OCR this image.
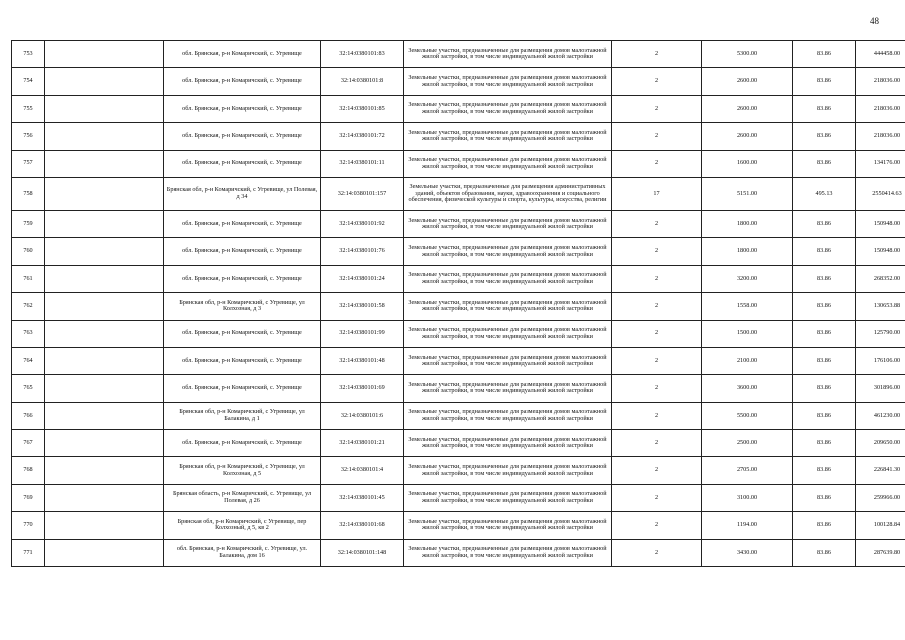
48
753		обл. Брянская, р-н Комаричский, с. Угревище	32:14:0380101:83	Земельные участки, предназначенные для размещения домов малоэтажной жилой застройки, в том числе индивидуальной жилой застройки	2	5300.00	83.86	444458.00
754		обл. Брянская, р-н Комаричский, с. Угревище	32:14:0380101:8	Земельные участки, предназначенные для размещения домов малоэтажной жилой застройки, в том числе индивидуальной жилой застройки	2	2600.00	83.86	218036.00
755		обл. Брянская, р-н Комаричский, с. Угревище	32:14:0380101:85	Земельные участки, предназначенные для размещения домов малоэтажной жилой застройки, в том числе индивидуальной жилой застройки	2	2600.00	83.86	218036.00
756		обл. Брянская, р-н Комаричский, с. Угревище	32:14:0380101:72	Земельные участки, предназначенные для размещения домов малоэтажной жилой застройки, в том числе индивидуальной жилой застройки	2	2600.00	83.86	218036.00
757		обл. Брянская, р-н Комаричский, с. Угревище	32:14:0380101:11	Земельные участки, предназначенные для размещения домов малоэтажной жилой застройки, в том числе индивидуальной жилой застройки	2	1600.00	83.86	134176.00
758		Брянская обл, р-н Комаричский, с Угревище, ул Полевая, д 34	32:14:0380101:157	Земельные участки, предназначенные для размещения административных зданий, объектов образования, науки, здравоохранения и социального обеспечения, физической культуры и спорта, культуры, искусства, религии	17	5151.00	495.13	2550414.63
759		обл. Брянская, р-н Комаричский, с. Угревище	32:14:0380101:92	Земельные участки, предназначенные для размещения домов малоэтажной жилой застройки, в том числе индивидуальной жилой застройки	2	1800.00	83.86	150948.00
760		обл. Брянская, р-н Комаричский, с. Угревище	32:14:0380101:76	Земельные участки, предназначенные для размещения домов малоэтажной жилой застройки, в том числе индивидуальной жилой застройки	2	1800.00	83.86	150948.00
761		обл. Брянская, р-н Комаричский, с. Угревище	32:14:0380101:24	Земельные участки, предназначенные для размещения домов малоэтажной жилой застройки, в том числе индивидуальной жилой застройки	2	3200.00	83.86	268352.00
762		Брянская обл, р-н Комаричский, с Угревище, ул Колхозная, д 3	32:14:0380101:58	Земельные участки, предназначенные для размещения домов малоэтажной жилой застройки, в том числе индивидуальной жилой застройки	2	1558.00	83.86	130653.88
763		обл. Брянская, р-н Комаричский, с. Угревище	32:14:0380101:99	Земельные участки, предназначенные для размещения домов малоэтажной жилой застройки, в том числе индивидуальной жилой застройки	2	1500.00	83.86	125790.00
764		обл. Брянская, р-н Комаричский, с. Угревище	32:14:0380101:48	Земельные участки, предназначенные для размещения домов малоэтажной жилой застройки, в том числе индивидуальной жилой застройки	2	2100.00	83.86	176106.00
765		обл. Брянская, р-н Комаричский, с. Угревище	32:14:0380101:69	Земельные участки, предназначенные для размещения домов малоэтажной жилой застройки, в том числе индивидуальной жилой застройки	2	3600.00	83.86	301896.00
766		Брянская обл, р-н Комаричский, с Угревище, ул Балакина, д 1	32:14:0380101:6	Земельные участки, предназначенные для размещения домов малоэтажной жилой застройки, в том числе индивидуальной жилой застройки	2	5500.00	83.86	461230.00
767		обл. Брянская, р-н Комаричский, с. Угревище	32:14:0380101:21	Земельные участки, предназначенные для размещения домов малоэтажной жилой застройки, в том числе индивидуальной жилой застройки	2	2500.00	83.86	209650.00
768		Брянская обл, р-н Комаричский, с Угревище, ул Колхозная, д 5	32:14:0380101:4	Земельные участки, предназначенные для размещения домов малоэтажной жилой застройки, в том числе индивидуальной жилой застройки	2	2705.00	83.86	226841.30
769		Брянская область, р-н Комаричский, с. Угревище, ул Полевая, д 26	32:14:0380101:45	Земельные участки, предназначенные для размещения домов малоэтажной жилой застройки, в том числе индивидуальной жилой застройки	2	3100.00	83.86	259966.00
770		Брянская обл, р-н Комаричский, с Угревище, пер Колхозный, д 5, кв 2	32:14:0380101:68	Земельные участки, предназначенные для размещения домов малоэтажной жилой застройки, в том числе индивидуальной жилой застройки	2	1194.00	83.86	100128.84
771		обл. Брянская, р-н Комаричский, с. Угревище, ул. Балакина, дом 16	32:14:0380101:148	Земельные участки, предназначенные для размещения домов малоэтажной жилой застройки, в том числе индивидуальной жилой застройки	2	3430.00	83.86	287639.80
